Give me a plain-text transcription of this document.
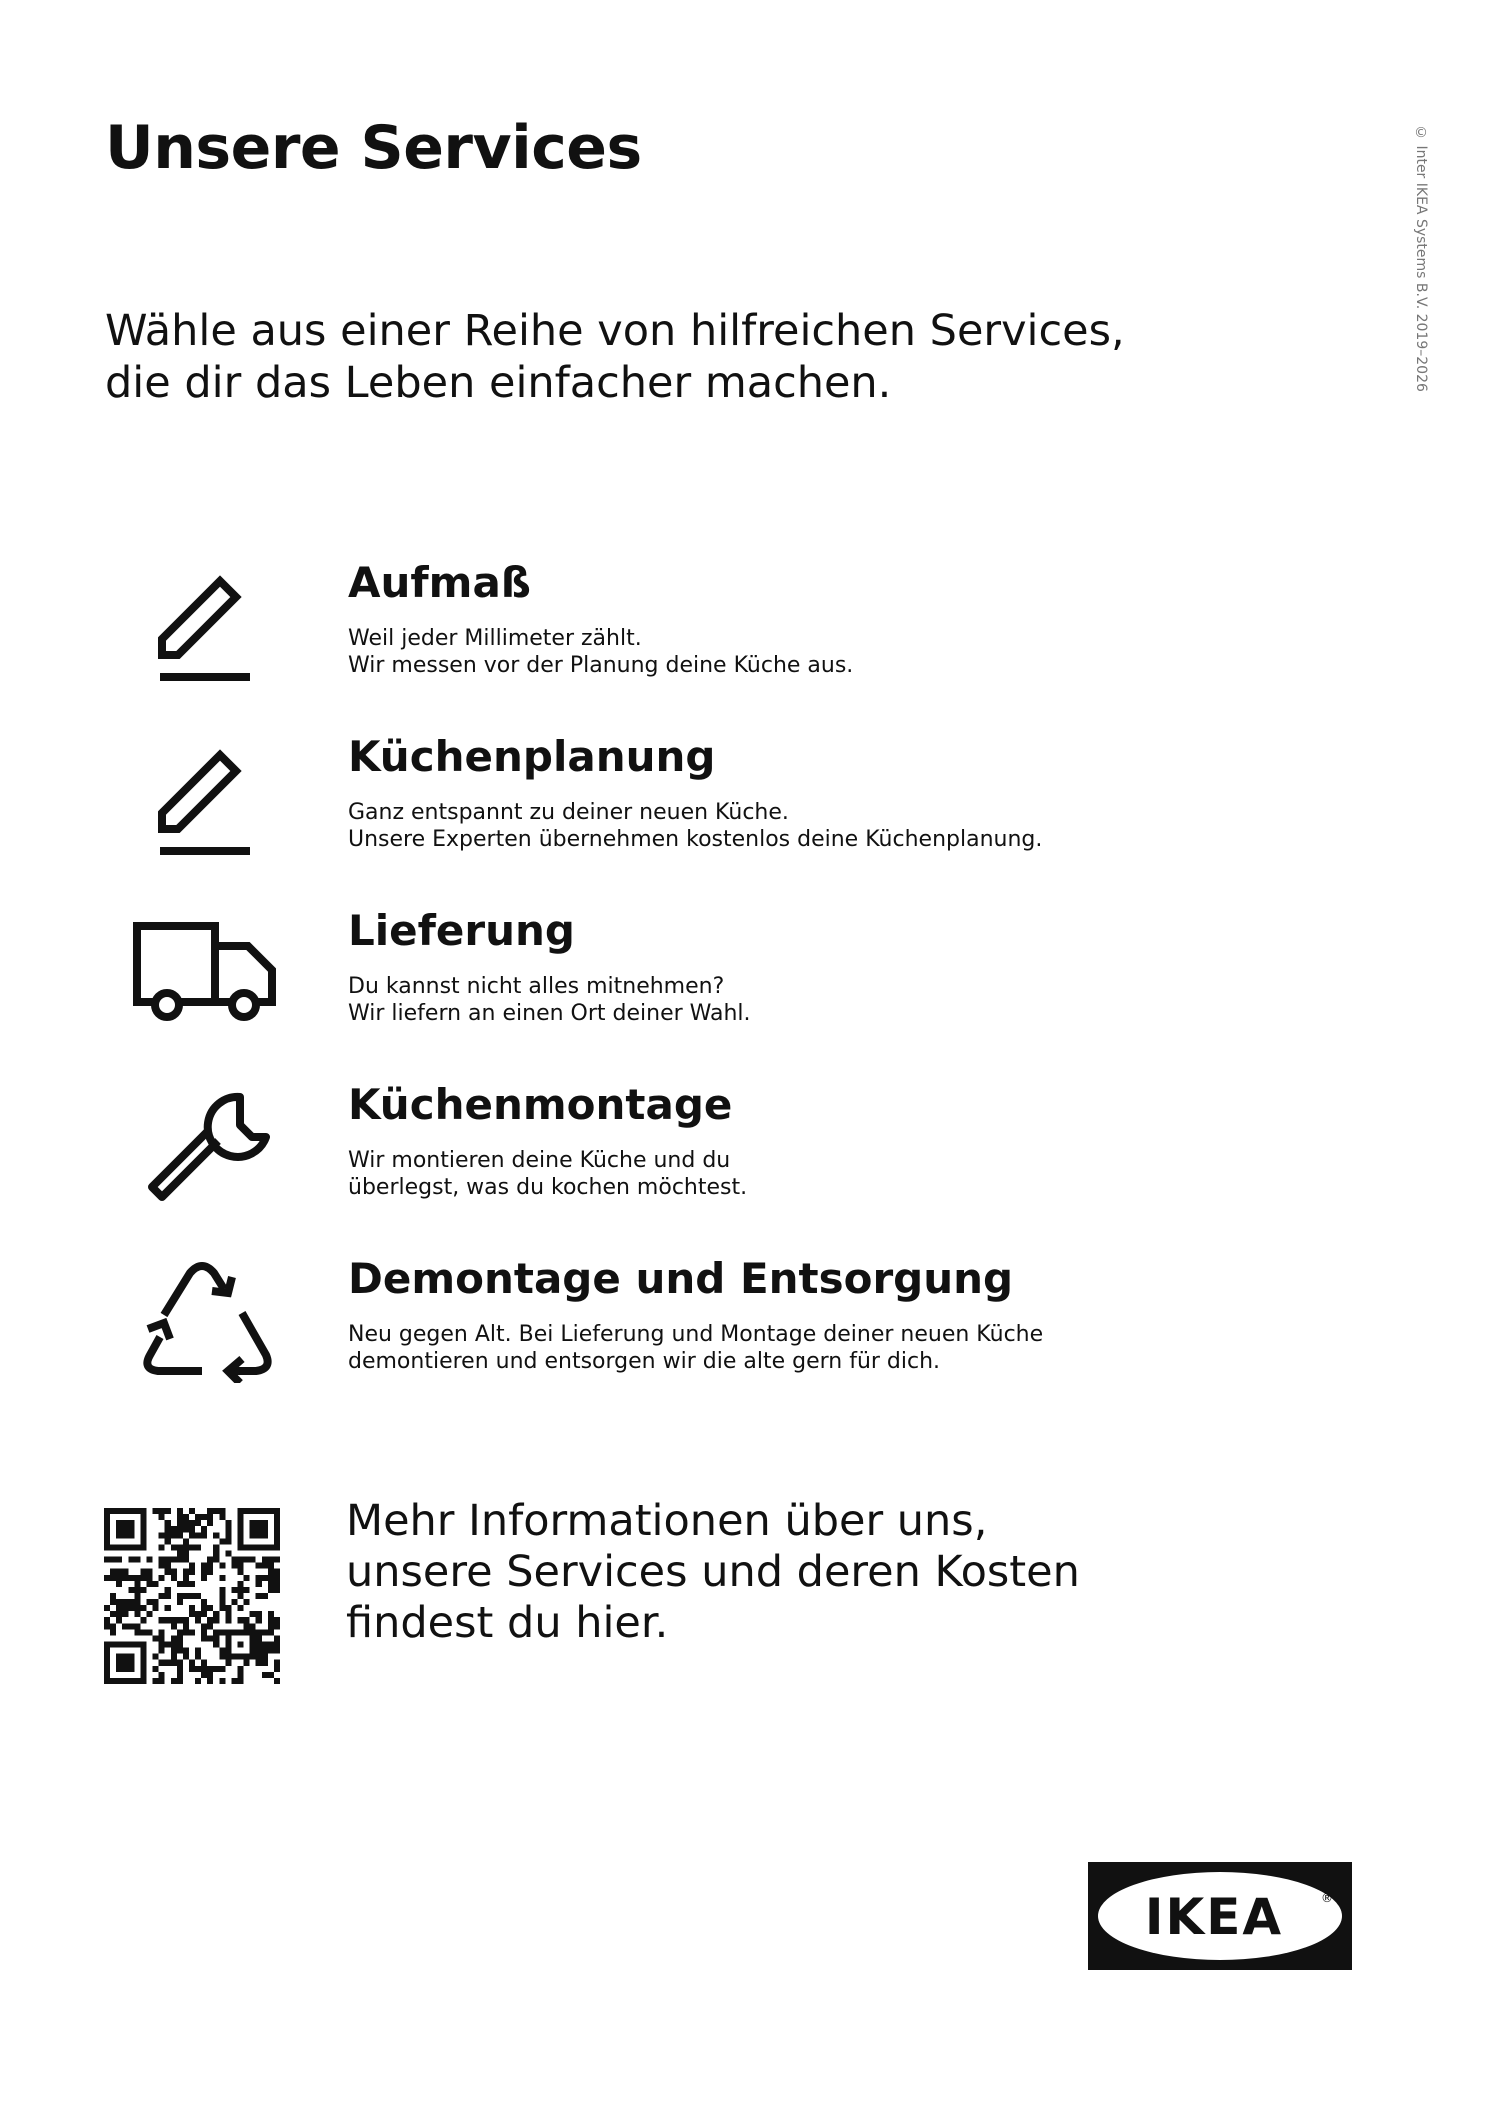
Unsere Services

Wähle aus einer Reihe von hilfreichen Services,
die dir das Leben einfacher machen.	© Inter IKEA Systems B.V. 2019–2026
Aufmaß

Weil jeder Millimeter zählt.
Wir messen vor der Planung deine Küche aus.

Küchenplanung

Ganz entspannt zu deiner neuen Küche.
Unsere Experten übernehmen kostenlos deine Küchenplanung.

Lieferung

Du kannst nicht alles mitnehmen?
Wir liefern an einen Ort deiner Wahl.

Küchenmontage

Wir montieren deine Küche und du
überlegst, was du kochen möchtest.

Demontage und Entsorgung

Neu gegen Alt. Bei Lieferung und Montage deiner neuen Küche
demontieren und entsorgen wir die alte gern für dich.

Mehr Informationen über uns,
unsere Services und deren Kosten
findest du hier.

IKEA	®
